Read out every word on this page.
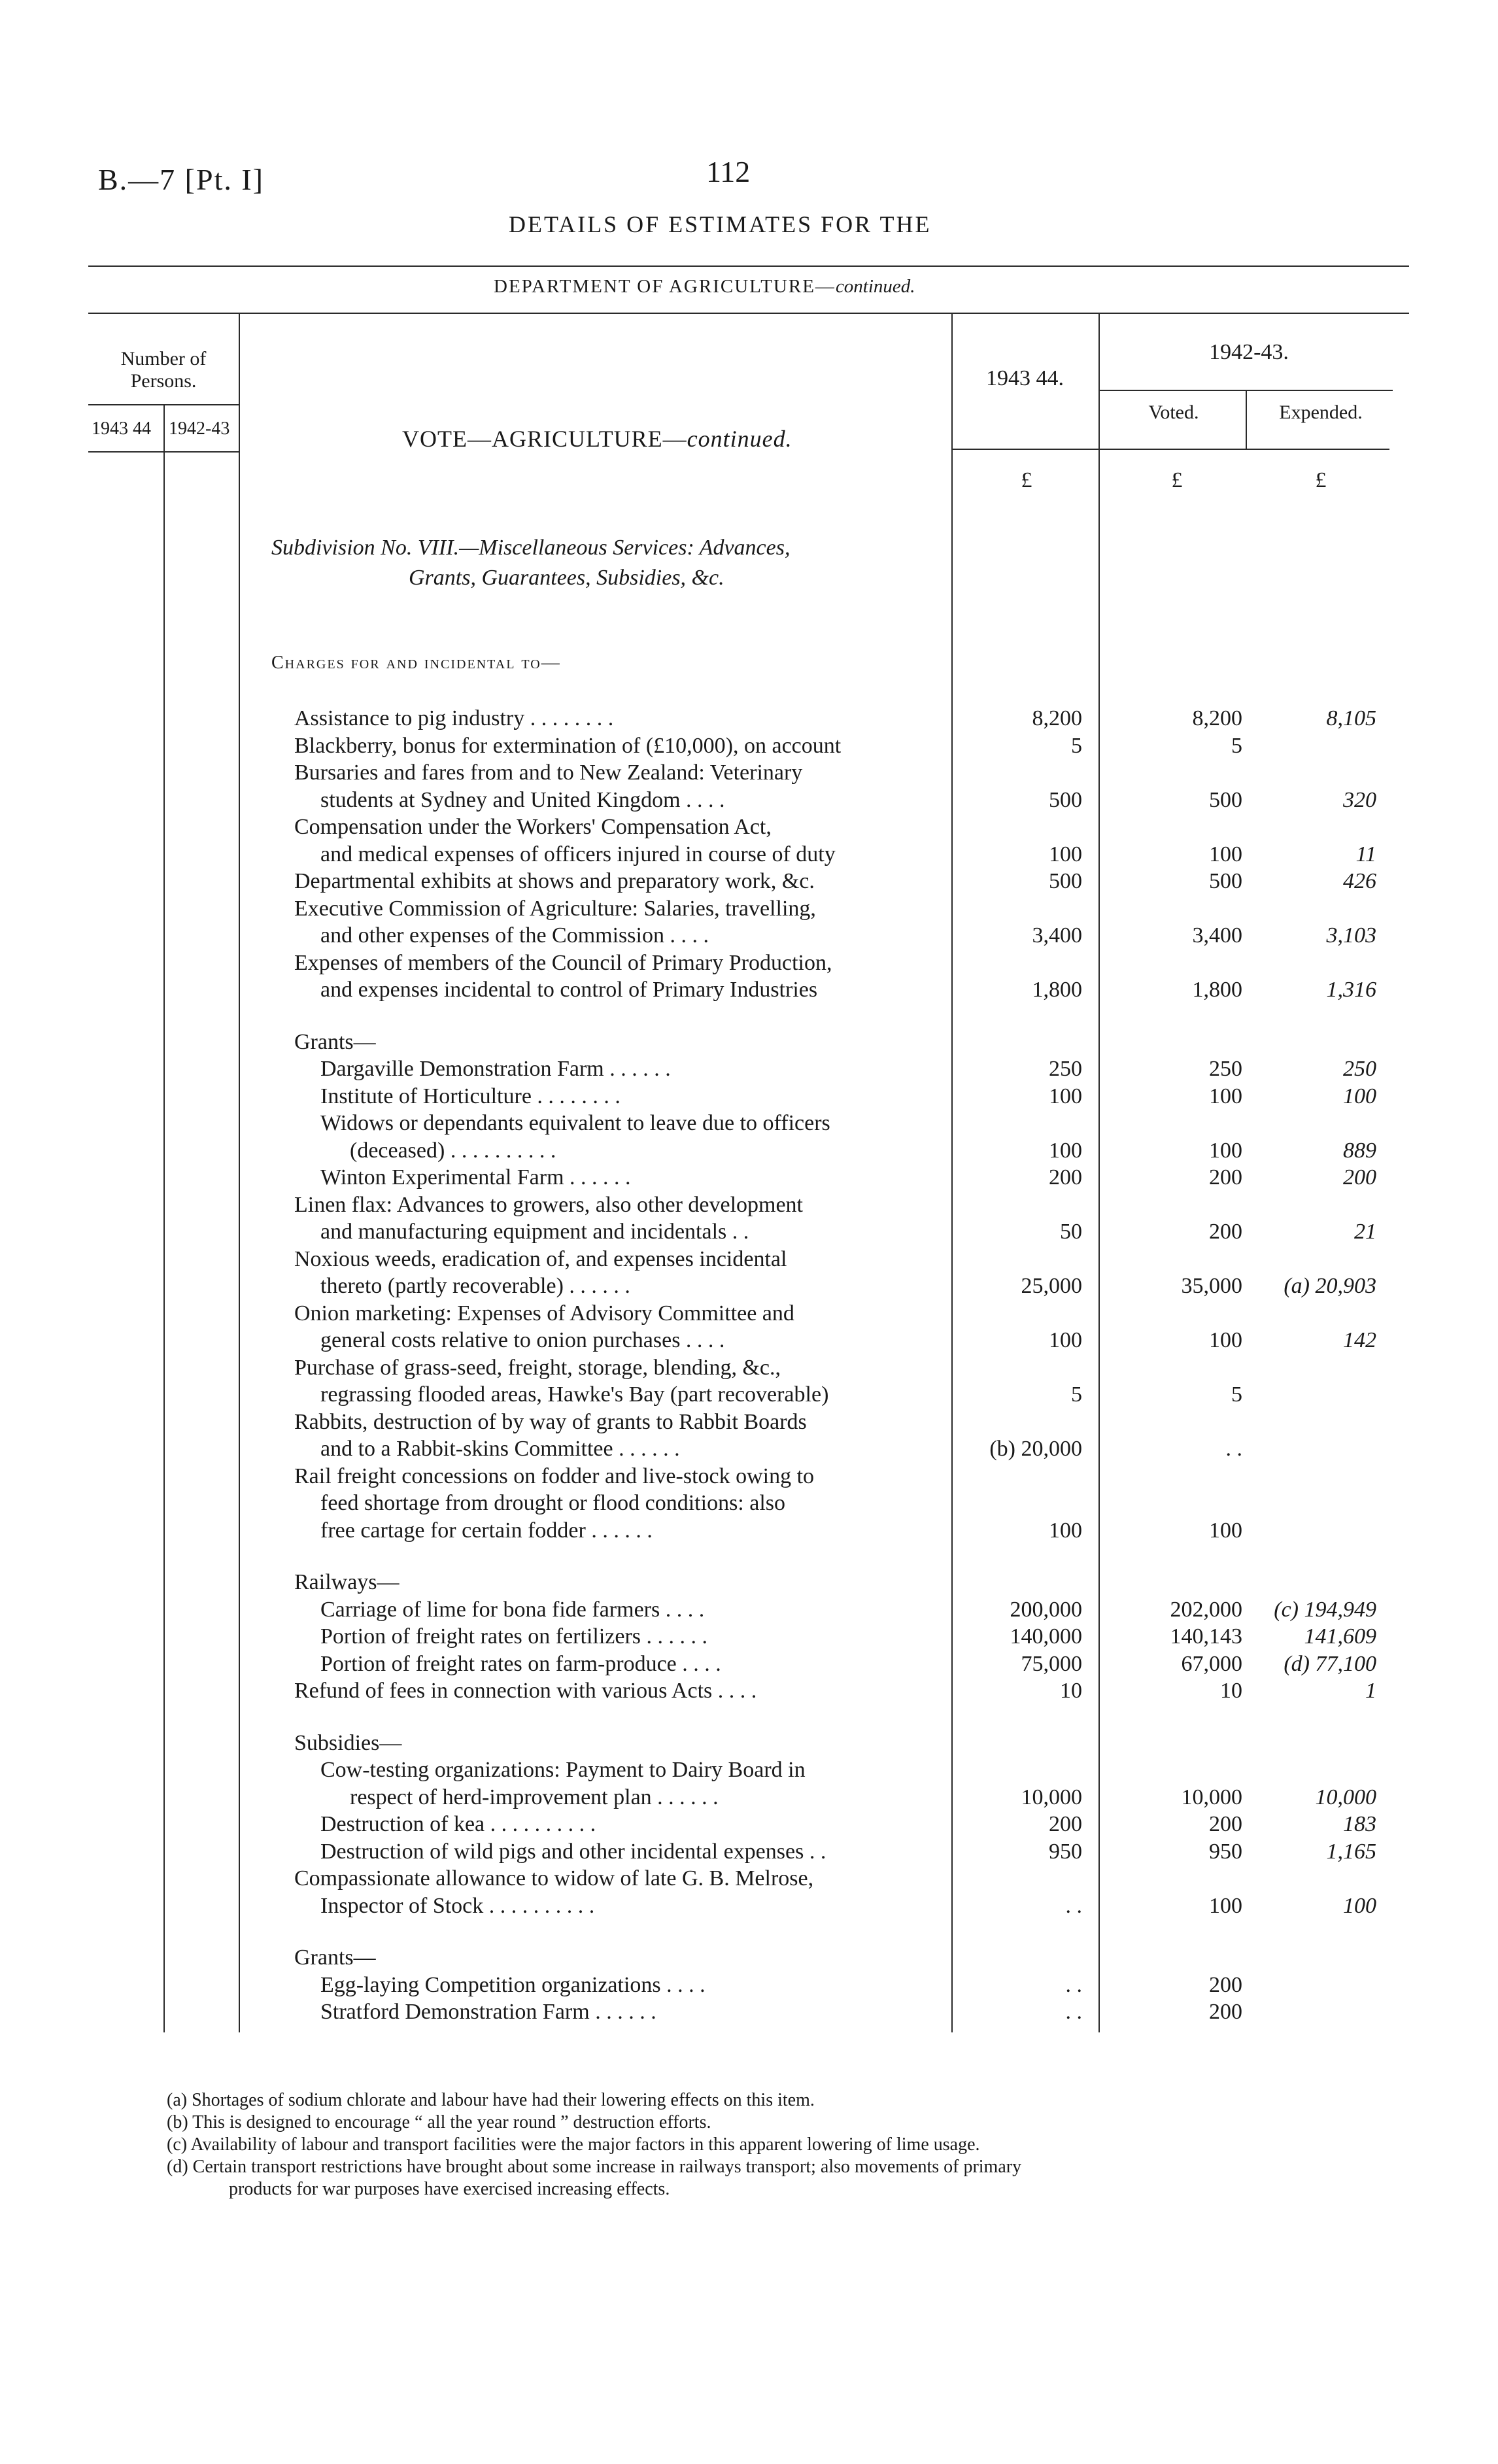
B.—7 [Pt. I]	112
DETAILS OF ESTIMATES FOR THE
DEPARTMENT OF AGRICULTURE—continued.
Number of Persons.
1943 44 1942-43
1943 44.
1942-43.
Voted.	Expended.
£	£	£
VOTE—AGRICULTURE—continued.
Subdivision No. VIII.—Miscellaneous Services: Advances,
Grants, Guarantees, Subsidies, &c.
Charges for and incidental to—
Assistance to pig industry . . . . . . . .	8,200	8,200	8,105
Blackberry, bonus for extermination of (£10,000), on account	5	5
Bursaries and fares from and to New Zealand: Veterinary
students at Sydney and United Kingdom . . . .	500	500	320
Compensation under the Workers' Compensation Act,
and medical expenses of officers injured in course of duty	100	100	11
Departmental exhibits at shows and preparatory work, &c.	500	500	426
Executive Commission of Agriculture: Salaries, travelling,
and other expenses of the Commission . . . .	3,400	3,400	3,103
Expenses of members of the Council of Primary Production,
and expenses incidental to control of Primary Industries	1,800	1,800	1,316
Grants—
Dargaville Demonstration Farm . . . . . .	250	250	250
Institute of Horticulture . . . . . . . .	100	100	100
Widows or dependants equivalent to leave due to officers
(deceased) . . . . . . . . . .	100	100	889
Winton Experimental Farm . . . . . .	200	200	200
Linen flax: Advances to growers, also other development
and manufacturing equipment and incidentals . .	50	200	21
Noxious weeds, eradication of, and expenses incidental
thereto (partly recoverable) . . . . . .	25,000	35,000	(a) 20,903
Onion marketing: Expenses of Advisory Committee and
general costs relative to onion purchases . . . .	100	100	142
Purchase of grass-seed, freight, storage, blending, &c.,
regrassing flooded areas, Hawke's Bay (part recoverable)	5	5
Rabbits, destruction of by way of grants to Rabbit Boards
and to a Rabbit-skins Committee . . . . . .	(b) 20,000	. .
Rail freight concessions on fodder and live-stock owing to
feed shortage from drought or flood conditions: also
free cartage for certain fodder . . . . . .	100	100
Railways—
Carriage of lime for bona fide farmers . . . .	200,000	202,000	(c) 194,949
Portion of freight rates on fertilizers . . . . . .	140,000	140,143	141,609
Portion of freight rates on farm-produce . . . .	75,000	67,000	(d) 77,100
Refund of fees in connection with various Acts . . . .	10	10	1
Subsidies—
Cow-testing organizations: Payment to Dairy Board in
respect of herd-improvement plan . . . . . .	10,000	10,000	10,000
Destruction of kea . . . . . . . . . .	200	200	183
Destruction of wild pigs and other incidental expenses . .	950	950	1,165
Compassionate allowance to widow of late G. B. Melrose,
Inspector of Stock . . . . . . . . . .	. .	100	100
Grants—
Egg-laying Competition organizations . . . .	. .	200
Stratford Demonstration Farm . . . . . .	. .	200
(a) Shortages of sodium chlorate and labour have had their lowering effects on this item.
(b) This is designed to encourage “ all the year round ” destruction efforts.
(c) Availability of labour and transport facilities were the major factors in this apparent lowering of lime usage.
(d) Certain transport restrictions have brought about some increase in railways transport; also movements of primary
products for war purposes have exercised increasing effects.
